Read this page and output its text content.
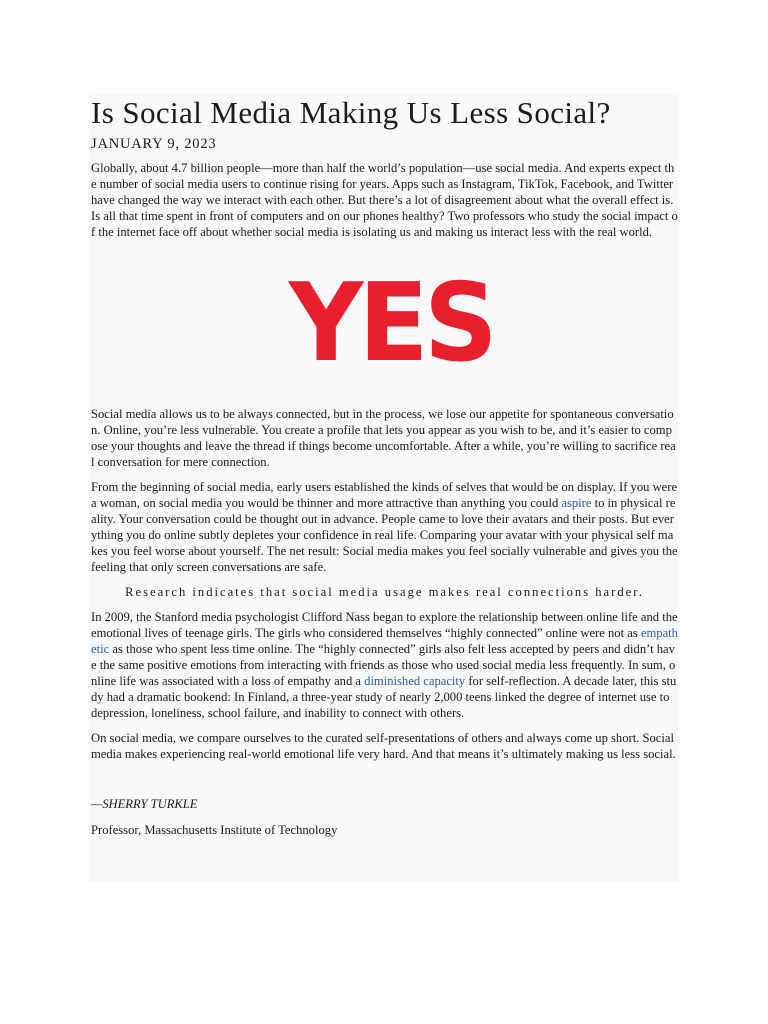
Is Social Media Making Us Less Social?
JANUARY 9, 2023

Globally, about 4.7 billion people—more than half the world’s population—use social media. And experts expect the number of social media users to continue rising for years. Apps such as Instagram, TikTok, Facebook, and Twitter have changed the way we interact with each other. But there’s a lot of disagreement about what the overall effect is. Is all that time spent in front of computers and on our phones healthy? Two professors who study the social impact of the internet face off about whether social media is isolating us and making us interact less with the real world.

YES

Social media allows us to be always connected, but in the process, we lose our appetite for spontaneous conversation. Online, you’re less vulnerable. You create a profile that lets you appear as you wish to be, and it’s easier to compose your thoughts and leave the thread if things become uncomfortable. After a while, you’re willing to sacrifice real conversation for mere connection.

From the beginning of social media, early users established the kinds of selves that would be on display. If you were a woman, on social media you would be thinner and more attractive than anything you could aspire to in physical reality. Your conversation could be thought out in advance. People came to love their avatars and their posts. But everything you do online subtly depletes your confidence in real life. Comparing your avatar with your physical self makes you feel worse about yourself. The net result: Social media makes you feel socially vulnerable and gives you the feeling that only screen conversations are safe.

Research indicates that social media usage makes real connections harder.

In 2009, the Stanford media psychologist Clifford Nass began to explore the relationship between online life and the emotional lives of teenage girls. The girls who considered themselves “highly connected” online were not as empathetic as those who spent less time online. The “highly connected” girls also felt less accepted by peers and didn’t have the same positive emotions from interacting with friends as those who used social media less frequently. In sum, online life was associated with a loss of empathy and a diminished capacity for self-reflection. A decade later, this study had a dramatic bookend: In Finland, a three-year study of nearly 2,000 teens linked the degree of internet use to depression, loneliness, school failure, and inability to connect with others.

On social media, we compare ourselves to the curated self-presentations of others and always come up short. Social media makes experiencing real-world emotional life very hard. And that means it’s ultimately making us less social.

—SHERRY TURKLE
Professor, Massachusetts Institute of Technology
